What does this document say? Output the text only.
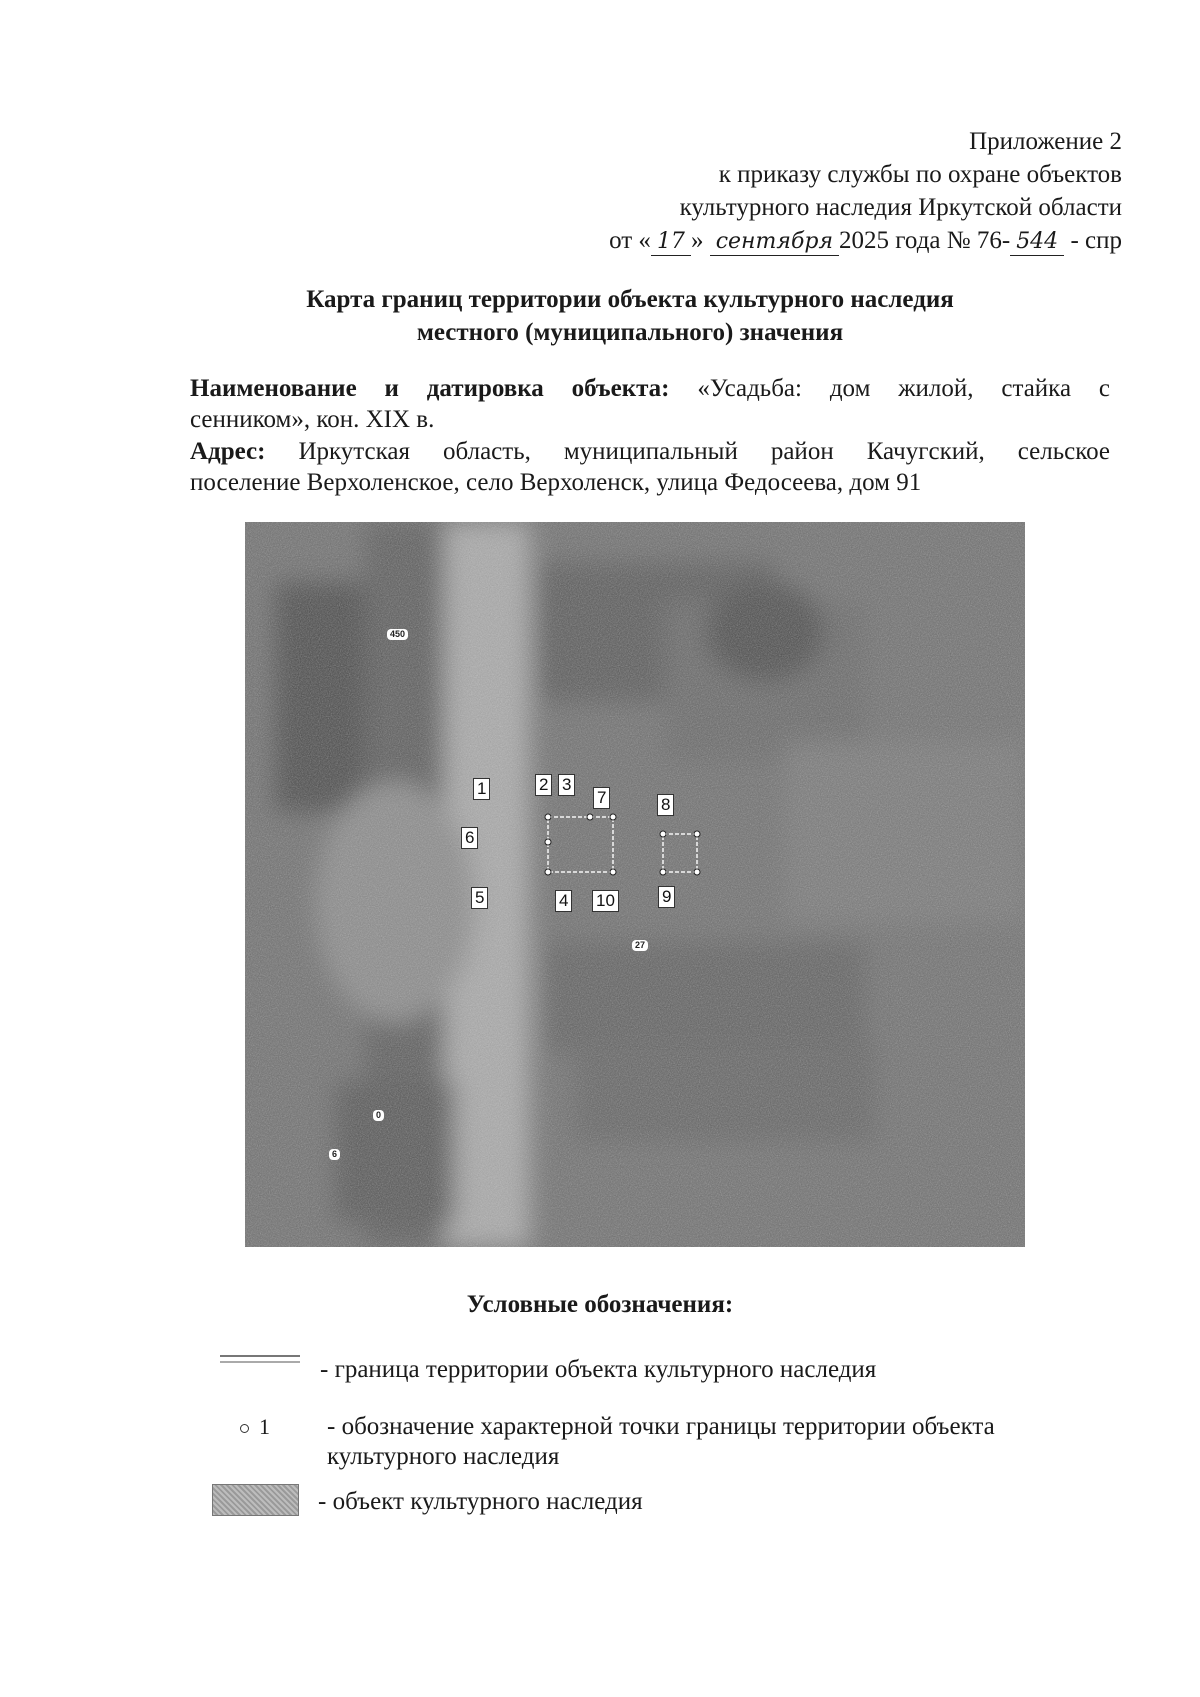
Приложение 2
к приказу службы по охране объектов
культурного наследия Иркутской области
от « 17 » сентября 2025 года № 76- 544 - спр
Карта границ территории объекта культурного наследия
местного (муниципального) значения
Наименование и датировка объекта: «Усадьба: дом жилой, стайка с
сенником», кон. XIX в.
Адрес: Иркутская область, муниципальный район Качугский, сельское
поселение Верхоленское, село Верхоленск, улица Федосеева, дом 91
1	2 3
4
5
6
7	8
9
10
450
27
0
6
Условные обозначения:
- граница территории объекта культурного наследия
1 - обозначение характерной точки границы территории объекта
культурного наследия
- объект культурного наследия
